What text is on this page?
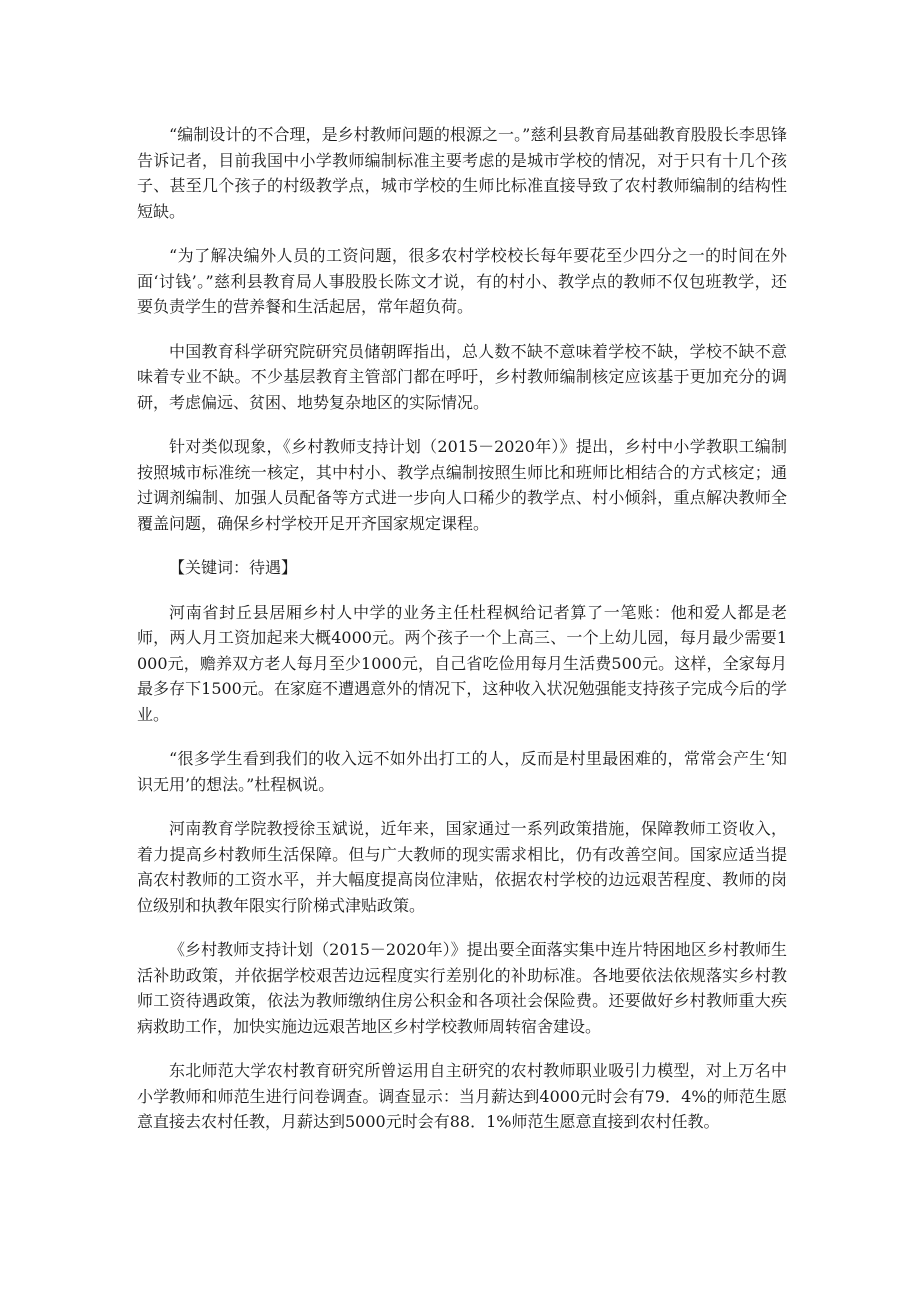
“编制设计的不合理，是乡村教师问题的根源之一。”慈利县教育局基础教育股股长李思锋告诉记者，目前我国中小学教师编制标准主要考虑的是城市学校的情况，对于只有十几个孩子、甚至几个孩子的村级教学点，城市学校的生师比标准直接导致了农村教师编制的结构性短缺。

“为了解决编外人员的工资问题，很多农村学校校长每年要花至少四分之一的时间在外面‘讨钱’。”慈利县教育局人事股股长陈文才说，有的村小、教学点的教师不仅包班教学，还要负责学生的营养餐和生活起居，常年超负荷。

中国教育科学研究院研究员储朝晖指出，总人数不缺不意味着学校不缺，学校不缺不意味着专业不缺。不少基层教育主管部门都在呼吁，乡村教师编制核定应该基于更加充分的调研，考虑偏远、贫困、地势复杂地区的实际情况。

针对类似现象，《乡村教师支持计划（2015－2020年）》提出，乡村中小学教职工编制按照城市标准统一核定，其中村小、教学点编制按照生师比和班师比相结合的方式核定；通过调剂编制、加强人员配备等方式进一步向人口稀少的教学点、村小倾斜，重点解决教师全覆盖问题，确保乡村学校开足开齐国家规定课程。

【关键词：待遇】

河南省封丘县居厢乡村人中学的业务主任杜程枫给记者算了一笔账：他和爱人都是老师，两人月工资加起来大概4000元。两个孩子一个上高三、一个上幼儿园，每月最少需要1000元，赡养双方老人每月至少1000元，自己省吃俭用每月生活费500元。这样，全家每月最多存下1500元。在家庭不遭遇意外的情况下，这种收入状况勉强能支持孩子完成今后的学业。

“很多学生看到我们的收入远不如外出打工的人，反而是村里最困难的，常常会产生‘知识无用’的想法。”杜程枫说。

河南教育学院教授徐玉斌说，近年来，国家通过一系列政策措施，保障教师工资收入，着力提高乡村教师生活保障。但与广大教师的现实需求相比，仍有改善空间。国家应适当提高农村教师的工资水平，并大幅度提高岗位津贴，依据农村学校的边远艰苦程度、教师的岗位级别和执教年限实行阶梯式津贴政策。

《乡村教师支持计划（2015－2020年）》提出要全面落实集中连片特困地区乡村教师生活补助政策，并依据学校艰苦边远程度实行差别化的补助标准。各地要依法依规落实乡村教师工资待遇政策，依法为教师缴纳住房公积金和各项社会保险费。还要做好乡村教师重大疾病救助工作，加快实施边远艰苦地区乡村学校教师周转宿舍建设。

东北师范大学农村教育研究所曾运用自主研究的农村教师职业吸引力模型，对上万名中小学教师和师范生进行问卷调查。调查显示：当月薪达到4000元时会有79．4%的师范生愿意直接去农村任教，月薪达到5000元时会有88．1%师范生愿意直接到农村任教。
